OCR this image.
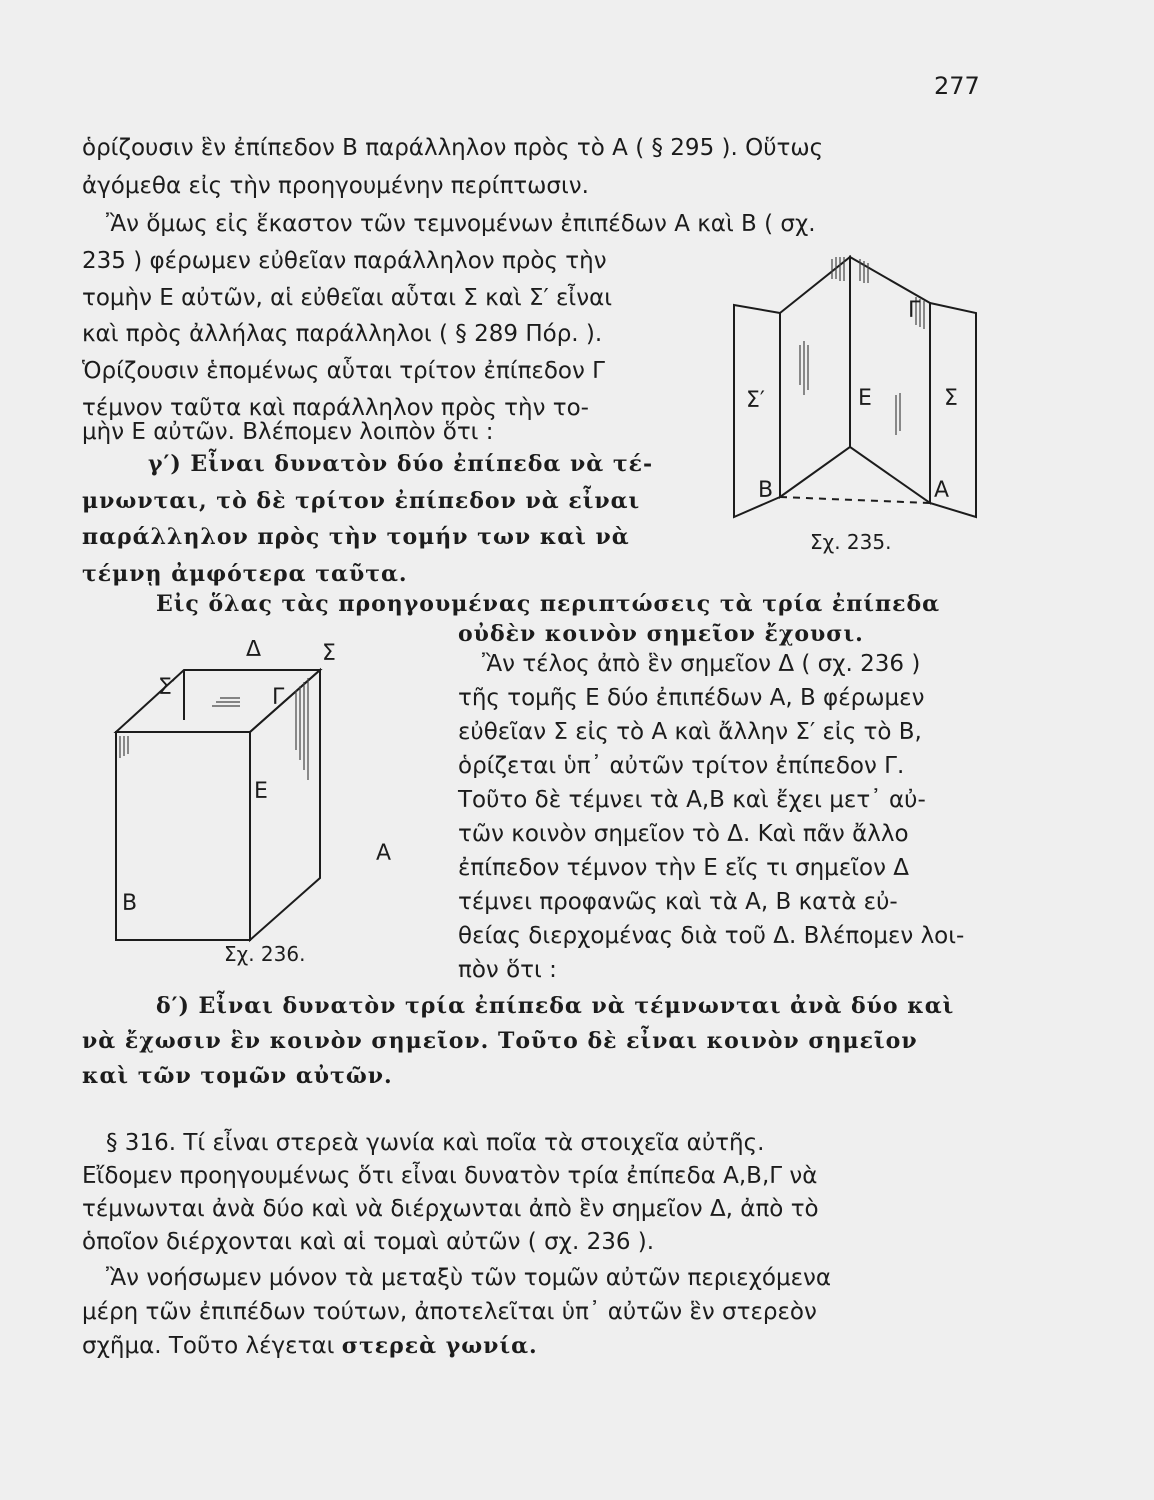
277
ὁρίζουσιν ἓν ἐπίπεδον Β παράλληλον πρὸς τὸ Α ( § 295 ). Οὕτως
ἀγόμεθα εἰς τὴν προηγουμένην περίπτωσιν.
Ἂν ὅμως εἰς ἕκαστον τῶν τεμνομένων ἐπιπέδων Α καὶ Β ( σχ.
235 ) φέρωμεν εὐθεῖαν παράλληλον πρὸς τὴν
τομὴν Ε αὐτῶν, αἱ εὐθεῖαι αὗται Σ καὶ Σ′ εἶναι
καὶ πρὸς ἀλλήλας παράλληλοι ( § 289 Πόρ. ).
Ὁρίζουσιν ἑπομένως αὗται τρίτον ἐπίπεδον Γ
τέμνον ταῦτα καὶ παράλληλον πρὸς τὴν το-
μὴν Ε αὐτῶν. Βλέπομεν λοιπὸν ὅτι :
γ′) Εἶναι δυνατὸν δύο ἐπίπεδα νὰ τέ-
μνωνται, τὸ δὲ τρίτον ἐπίπεδον νὰ εἶναι
παράλληλον πρὸς τὴν τομήν των καὶ νὰ
τέμνῃ ἀμφότερα ταῦτα.
Εἰς ὅλας τὰς προηγουμένας περιπτώσεις τὰ τρία ἐπίπεδα
οὐδὲν κοινὸν σημεῖον ἔχουσι.
Ἂν τέλος ἀπὸ ἓν σημεῖον Δ ( σχ. 236 )
τῆς τομῆς Ε δύο ἐπιπέδων Α, Β φέρωμεν
εὐθεῖαν Σ εἰς τὸ Α καὶ ἄλλην Σ′ εἰς τὸ Β,
ὁρίζεται ὑπ᾿ αὐτῶν τρίτον ἐπίπεδον Γ.
Τοῦτο δὲ τέμνει τὰ Α,Β καὶ ἔχει μετ᾿ αὐ-
τῶν κοινὸν σημεῖον τὸ Δ. Καὶ πᾶν ἄλλο
ἐπίπεδον τέμνον τὴν Ε εἴς τι σημεῖον Δ
τέμνει προφανῶς καὶ τὰ Α, Β κατὰ εὐ-
θείας διερχομένας διὰ τοῦ Δ. Βλέπομεν λοι-
πὸν ὅτι :
δ′) Εἶναι δυνατὸν τρία ἐπίπεδα νὰ τέμνωνται ἀνὰ δύο καὶ
νὰ ἔχωσιν ἓν κοινὸν σημεῖον. Τοῦτο δὲ εἶναι κοινὸν σημεῖον
καὶ τῶν τομῶν αὐτῶν.
§ 316. Τί εἶναι στερεὰ γωνία καὶ ποῖα τὰ στοιχεῖα αὐτῆς.
Εἴδομεν προηγουμένως ὅτι εἶναι δυνατὸν τρία ἐπίπεδα Α,Β,Γ νὰ
τέμνωνται ἀνὰ δύο καὶ νὰ διέρχωνται ἀπὸ ἓν σημεῖον Δ, ἀπὸ τὸ
ὁποῖον διέρχονται καὶ αἱ τομαὶ αὐτῶν ( σχ. 236 ).
Ἂν νοήσωμεν μόνον τὰ μεταξὺ τῶν τομῶν αὐτῶν περιεχόμενα
μέρη τῶν ἐπιπέδων τούτων, ἀποτελεῖται ὑπ᾿ αὐτῶν ἓν στερεὸν
σχῆμα. Τοῦτο λέγεται στερεὰ γωνία.
Γ
Σ′	Ε	Σ
Β	Α
Σχ. 235.
Δ	Σ
Σ′	Γ
Ε
Α
Β
Σχ. 236.
